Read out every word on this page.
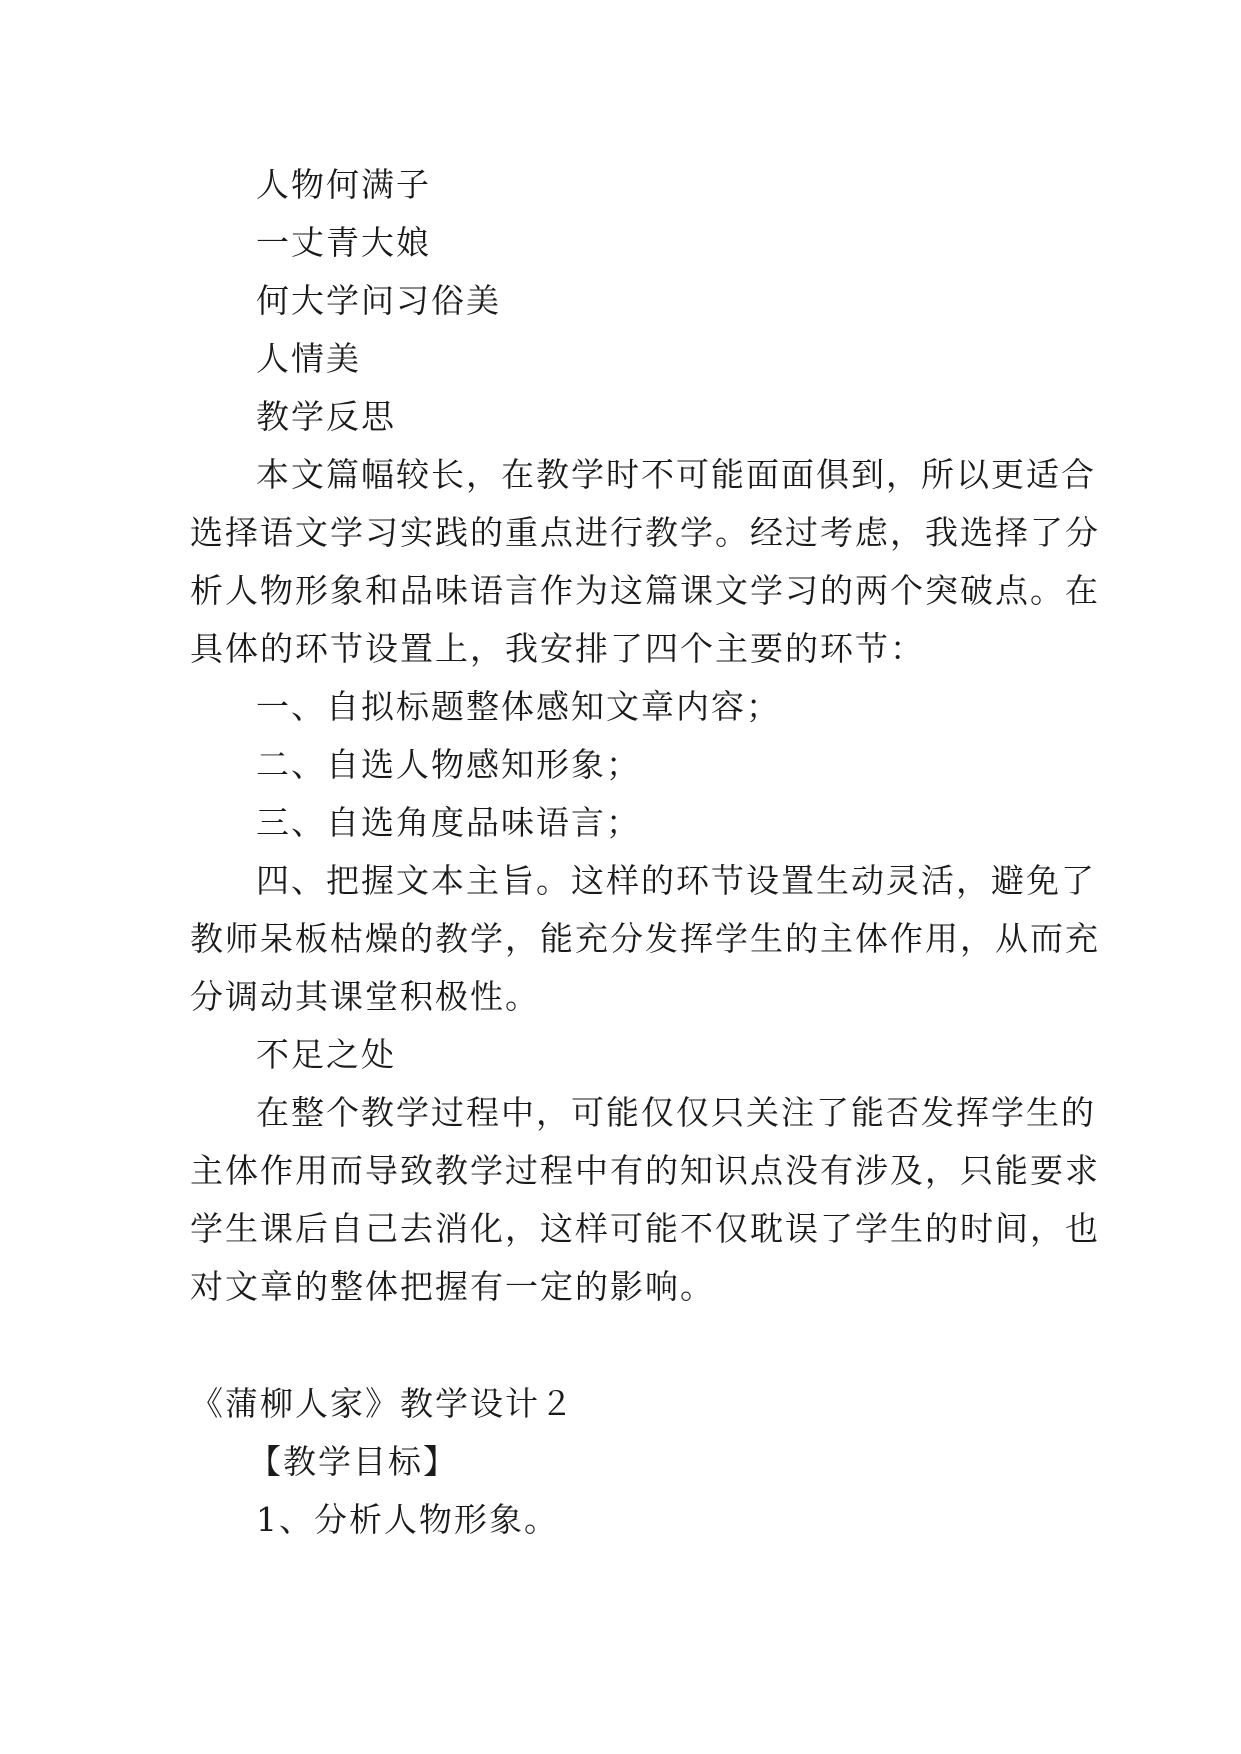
人物何满子
一丈青大娘
何大学问习俗美
人情美
教学反思
本文篇幅较长，在教学时不可能面面俱到，所以更适合
选择语文学习实践的重点进行教学。经过考虑，我选择了分
析人物形象和品味语言作为这篇课文学习的两个突破点。在
具体的环节设置上，我安排了四个主要的环节：
一、自拟标题整体感知文章内容；
二、自选人物感知形象；
三、自选角度品味语言；
四、把握文本主旨。这样的环节设置生动灵活，避免了
教师呆板枯燥的教学，能充分发挥学生的主体作用，从而充
分调动其课堂积极性。
不足之处
在整个教学过程中，可能仅仅只关注了能否发挥学生的
主体作用而导致教学过程中有的知识点没有涉及，只能要求
学生课后自己去消化，这样可能不仅耽误了学生的时间，也
对文章的整体把握有一定的影响。
《蒲柳人家》教学设计２
【教学目标】
1、分析人物形象。
